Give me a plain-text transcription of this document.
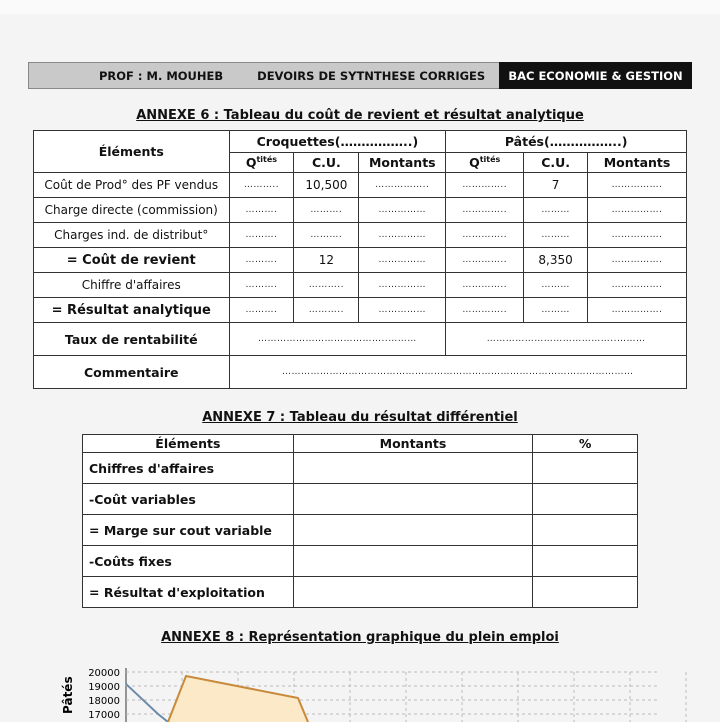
PROF : M. MOUHEB	DEVOIRS DE SYTNTHESE CORRIGES	BAC ECONOMIE & GESTION
ANNEXE 6 : Tableau du coût de revient et résultat analytique
Éléments	Croquettes(……………..)			Pâtés(……………..)		
	$Q^{tités}$	C.U.	Montants	$Q^{tités}$	C.U.	Montants
Coût de Prod° des PF vendus	………..	10,500	……………..	…………..	7	…………….
Charge directe (commission)	……….	……….	……………	…………..	………	…………….
Charges ind. de distribut°	……….	……….	……………	…………..	………	…………….
= Coût de revient	……….	12	……………	…………..	8,350	…………….
Chiffre d'affaires	……….	………..	……………	…………..	………	…………….
= Résultat analytique	……….	………..	……………	…………..	………	…………….
Taux de rentabilité	…………………………………..………			…………………………………..………		
Commentaire	…………………………………………………………………………………………………					
ANNEXE 7 : Tableau du résultat différentiel
Éléments	Montants	%
Chiffres d'affaires		
-Coût variables		
= Marge sur cout variable		
-Coûts fixes		
= Résultat d'exploitation		
ANNEXE 8 : Représentation graphique du plein emploi
Pâtés
20000
19000
18000
17000
